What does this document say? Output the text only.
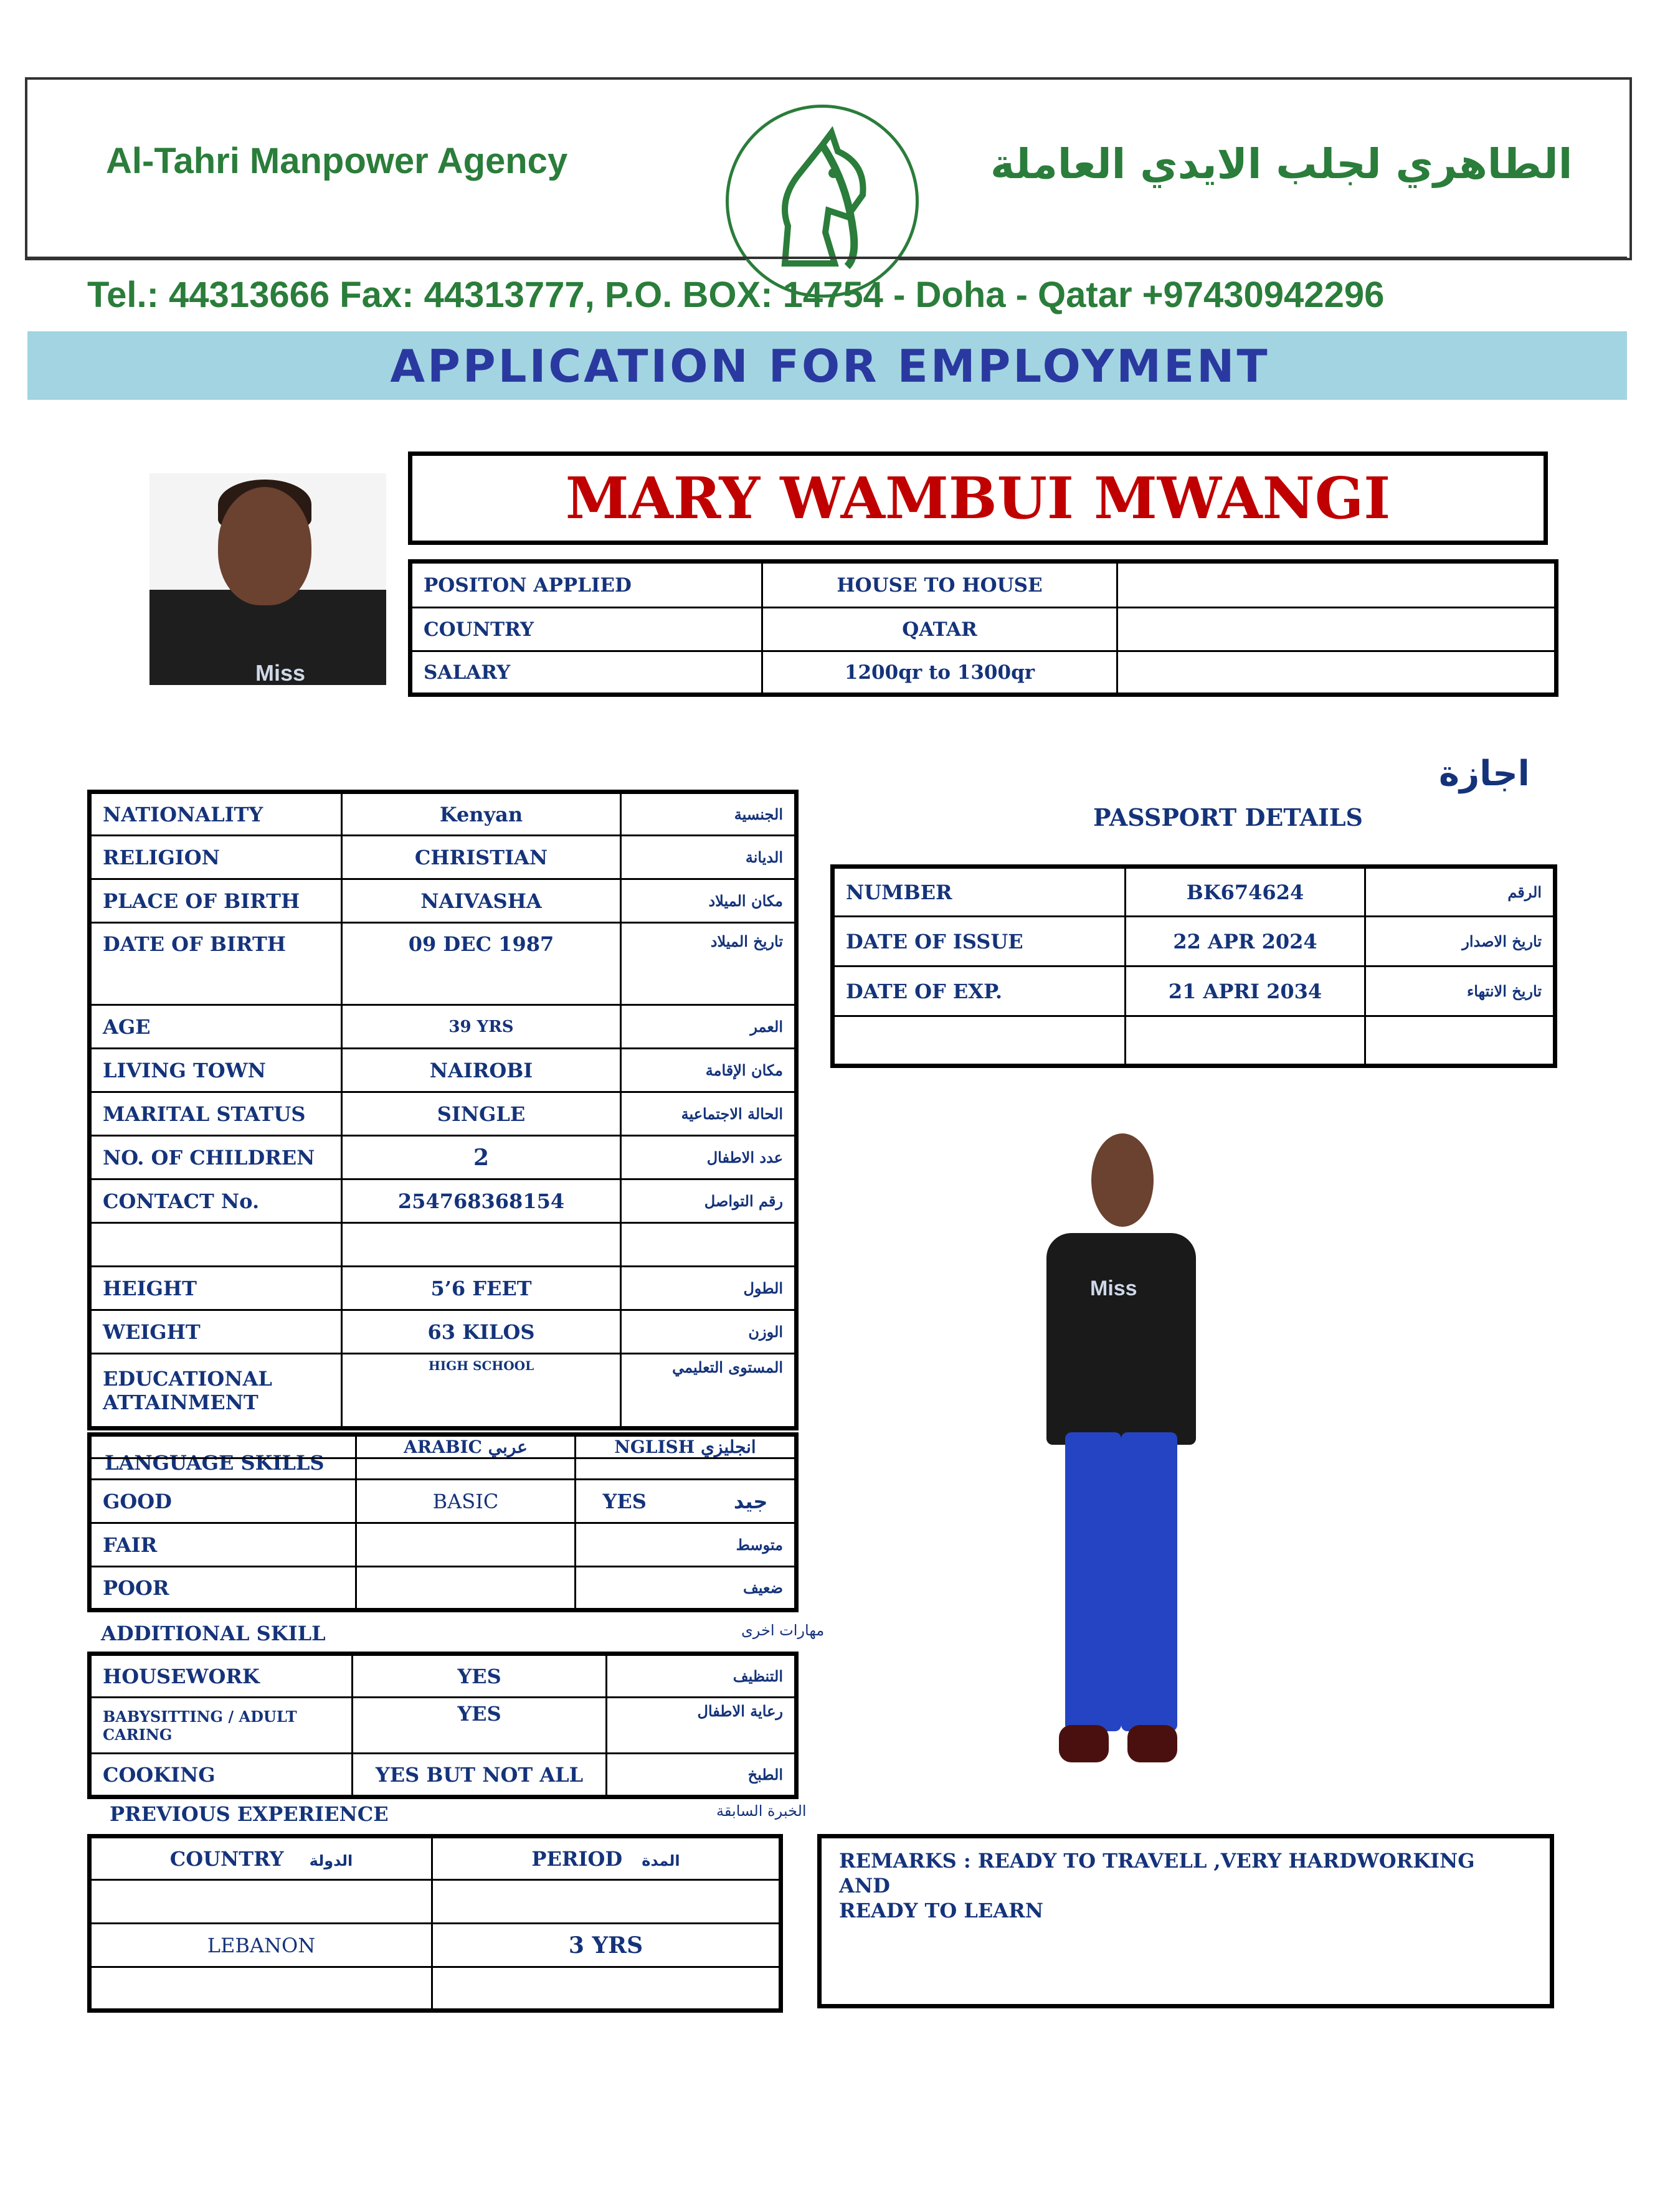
Al-Tahri Manpower Agency	الطاهري لجلب الايدي العاملة
Tel.: 44313666 Fax: 44313777, P.O. BOX: 14754 - Doha - Qatar +97430942296
APPLICATION FOR EMPLOYMENT
Miss
MARY WAMBUI MWANGI
POSITON APPLIED	HOUSE TO HOUSE	
COUNTRY	QATAR	
SALARY	1200qr to 1300qr	
NATIONALITY	Kenyan	الجنسية
RELIGION	CHRISTIAN	الديانة
PLACE OF BIRTH	NAIVASHA	مكان الميلاد
DATE OF BIRTH	09 DEC 1987	تاريخ الميلاد
AGE	39 YRS	العمر
LIVING TOWN	NAIROBI	مكان الإقامة
MARITAL STATUS	SINGLE	الحالة الاجتماعية
NO. OF CHILDREN	2	عدد الاطفال
CONTACT No.	254768368154	رقم التواصل

HEIGHT	5’6 FEET	الطول
WEIGHT	63 KILOS	الوزن
EDUCATIONAL ATTAINMENT	HIGH SCHOOL	المستوى التعليمي
LANGUAGE SKILLS
	ARABIC عربي	NGLISH انجليزي

GOOD	BASIC	YES جيد
FAIR		متوسط
POOR		ضعيف
ADDITIONAL SKILL	مهارات اخرى
HOUSEWORK	YES	التنظيف
BABYSITTING / ADULT CARING	YES	رعاية الاطفال
COOKING	YES BUT NOT ALL	الطبخ
PREVIOUS EXPERIENCE	الخبرة السابقة
COUNTRY الدولة	PERIOD المدة

LEBANON	3 YRS

اجازة
PASSPORT DETAILS
NUMBER	BK674624	الرقم
DATE OF ISSUE	22 APR 2024	تاريخ الاصدار
DATE OF EXP.	21 APRI 2034	تاريخ الانتهاء

Miss
REMARKS : READY TO TRAVELL ,VERY HARDWORKING AND
READY TO LEARN
